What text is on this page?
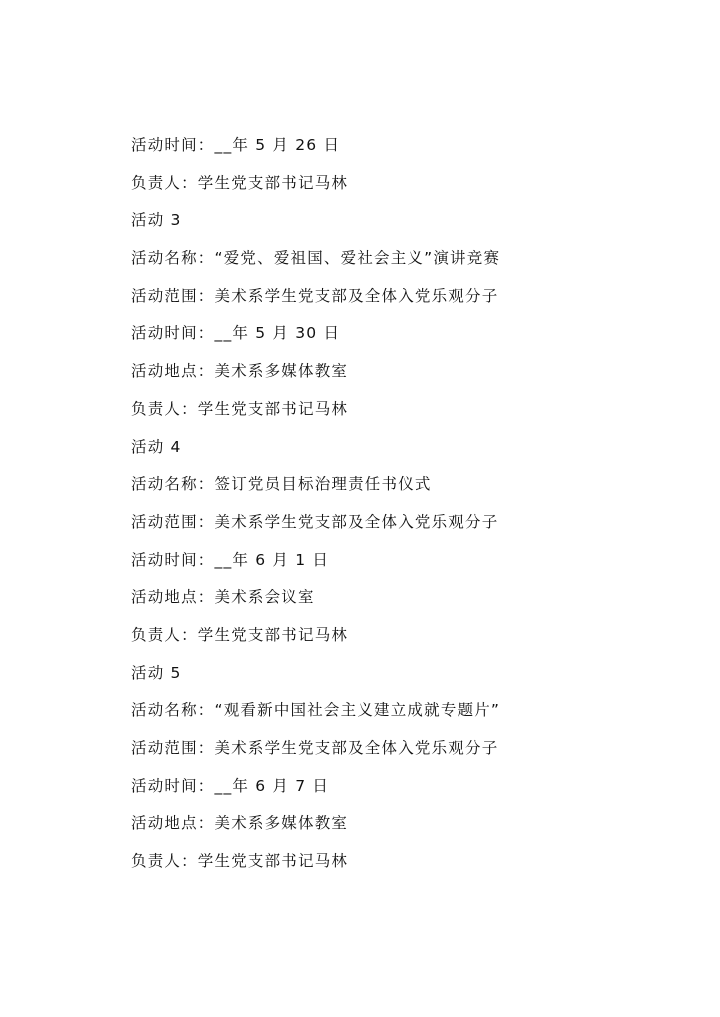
活动时间：__年 5 月 26 日
负责人：学生党支部书记马林
活动 3
活动名称：“爱党、爱祖国、爱社会主义”演讲竞赛
活动范围：美术系学生党支部及全体入党乐观分子
活动时间：__年 5 月 30 日
活动地点：美术系多媒体教室
负责人：学生党支部书记马林
活动 4
活动名称：签订党员目标治理责任书仪式
活动范围：美术系学生党支部及全体入党乐观分子
活动时间：__年 6 月 1 日
活动地点：美术系会议室
负责人：学生党支部书记马林
活动 5
活动名称：“观看新中国社会主义建立成就专题片”
活动范围：美术系学生党支部及全体入党乐观分子
活动时间：__年 6 月 7 日
活动地点：美术系多媒体教室
负责人：学生党支部书记马林
